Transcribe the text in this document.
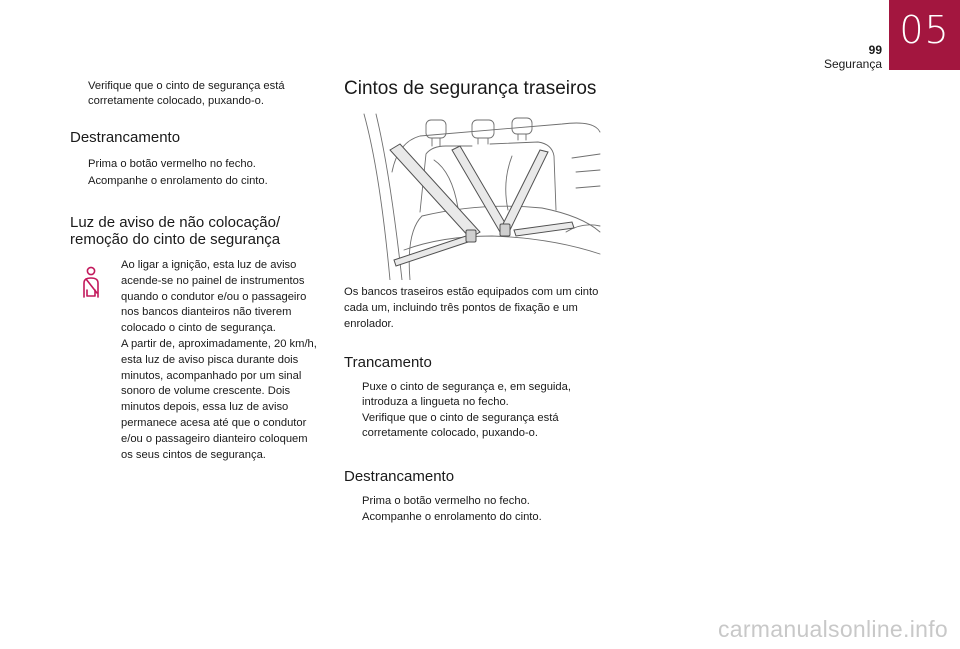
05
99
Segurança
Verifique que o cinto de segurança está corretamente colocado, puxando-o.
Destrancamento
Prima o botão vermelho no fecho.
Acompanhe o enrolamento do cinto.
Luz de aviso de não colocação/ remoção do cinto de segurança

Ao ligar a ignição, esta luz de aviso acende-se no painel de instrumentos quando o condutor e/ou o passageiro nos bancos dianteiros não tiverem colocado o cinto de segurança.

A partir de, aproximadamente, 20 km/h, esta luz de aviso pisca durante dois minutos, acompanhado por um sinal sonoro de volume crescente. Dois minutos depois, essa luz de aviso permanece acesa até que o condutor e/ou o passageiro dianteiro coloquem os seus cintos de segurança.

Cintos de segurança traseiros

Os bancos traseiros estão equipados com um cinto cada um, incluindo três pontos de fixação e um enrolador.

Trancamento
Puxe o cinto de segurança e, em seguida, introduza a lingueta no fecho.
Verifique que o cinto de segurança está corretamente colocado, puxando-o.
Destrancamento
Prima o botão vermelho no fecho.
Acompanhe o enrolamento do cinto.
carmanualsonline.info
